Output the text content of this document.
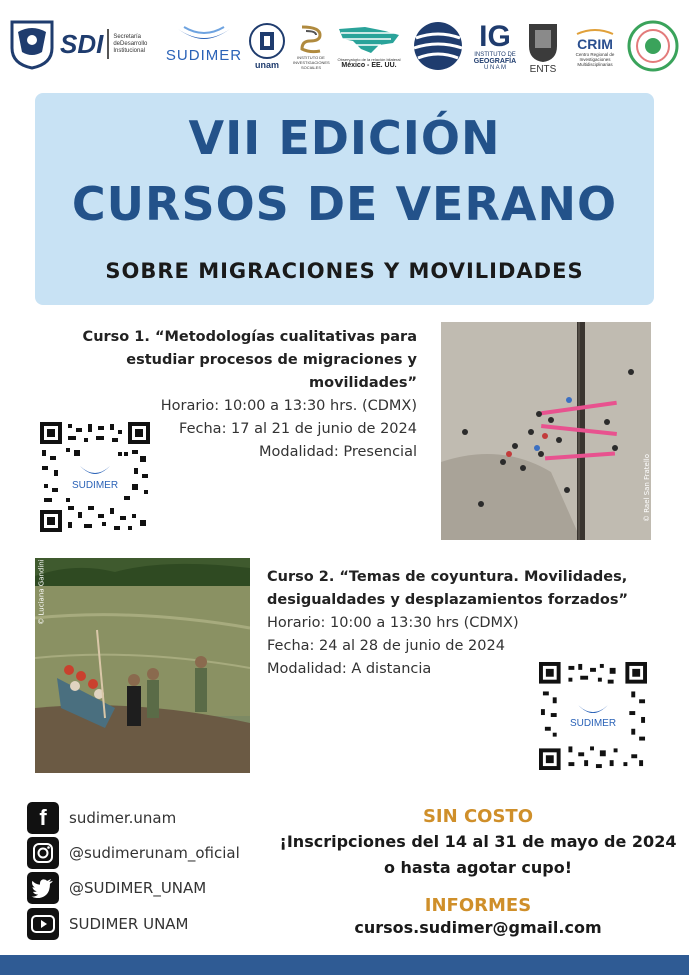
SDI Secretaría
deDesarrollo
Institucional SUDIMER
unam
INSTITUTO DE INVESTIGACIONES SOCIALES
Observatorio de la relación bilateral
México - EE. UU.
IG
INSTITUTO DE
GEOGRAFÍA
U N A M ENTS
CRIM
Centro Regional de
Investigaciones
Multidisciplinarias
VII EDICIÓN
CURSOS DE VERANO
SOBRE MIGRACIONES Y MOVILIDADES
Curso 1. “Metodologías cualitativas para
estudiar procesos de migraciones y
movilidades”
Horario: 10:00 a 13:30 hrs. (CDMX)
Fecha: 17 al 21 de junio de 2024
Modalidad: Presencial
© Rael San Fratello
SUDIMER
© Luciana Gandini	Curso 2. “Temas de coyuntura. Movilidades,
desigualdades y desplazamientos forzados”
Horario: 10:00 a 13:30 hrs (CDMX)
Fecha: 24 al 28 de junio de 2024
Modalidad: A distancia
SUDIMER
f	sudimer.unam
@sudimerunam_oficial
@SUDIMER_UNAM
SUDIMER UNAM
SIN COSTO
¡Inscripciones del 14 al 31 de mayo de 2024
o hasta agotar cupo!
INFORMES
cursos.sudimer@gmail.com
